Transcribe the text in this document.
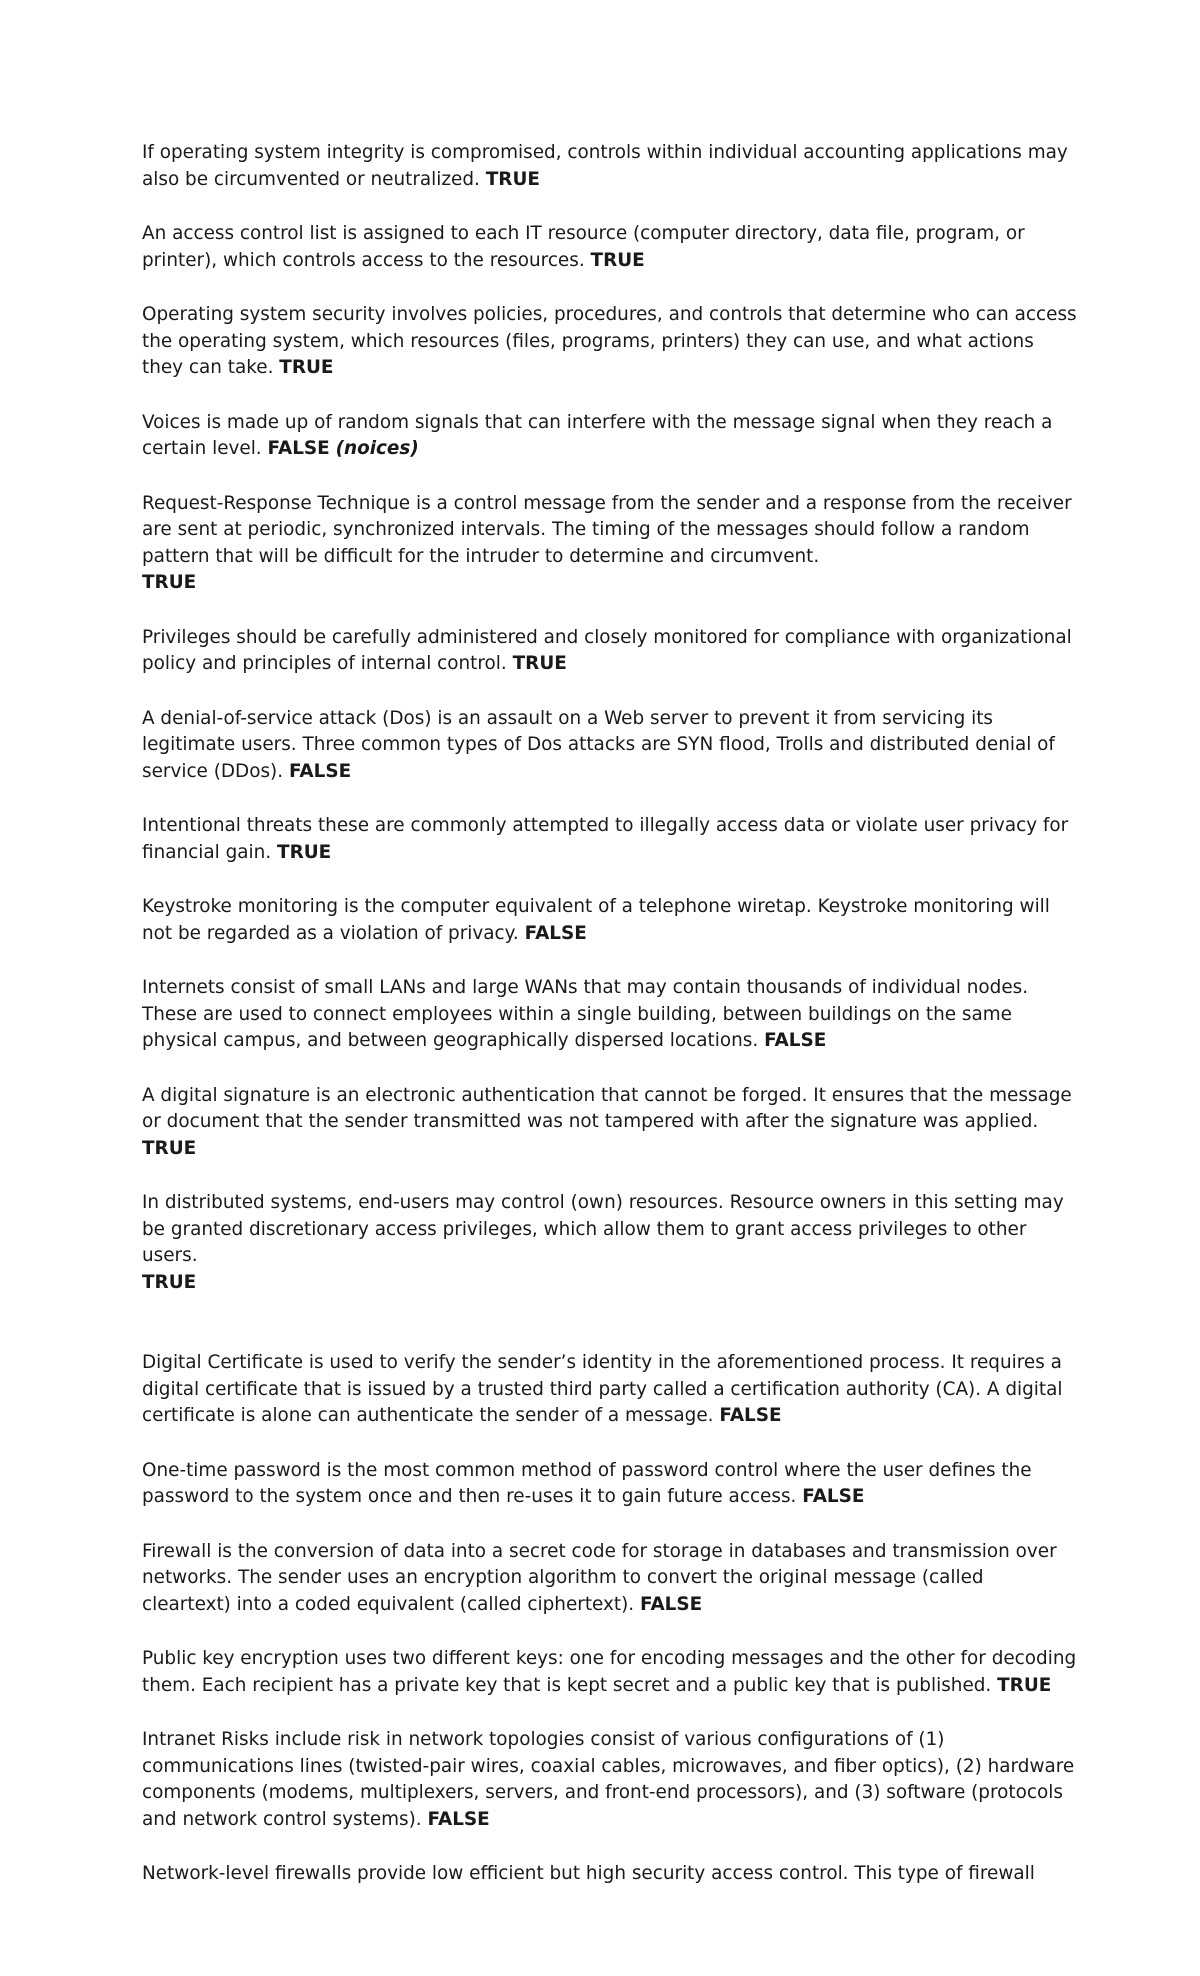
If operating system integrity is compromised, controls within individual accounting applications may also be circumvented or neutralized. TRUE

An access control list is assigned to each IT resource (computer directory, data file, program, or printer), which controls access to the resources. TRUE

Operating system security involves policies, procedures, and controls that determine who can access the operating system, which resources (files, programs, printers) they can use, and what actions they can take. TRUE

Voices is made up of random signals that can interfere with the message signal when they reach a certain level. FALSE (noices)

Request-Response Technique is a control message from the sender and a response from the receiver are sent at periodic, synchronized intervals. The timing of the messages should follow a random pattern that will be difficult for the intruder to determine and circumvent.
TRUE

Privileges should be carefully administered and closely monitored for compliance with organizational policy and principles of internal control. TRUE

A denial-of-service attack (Dos) is an assault on a Web server to prevent it from servicing its legitimate users. Three common types of Dos attacks are SYN flood, Trolls and distributed denial of service (DDos). FALSE

Intentional threats these are commonly attempted to illegally access data or violate user privacy for financial gain. TRUE

Keystroke monitoring is the computer equivalent of a telephone wiretap. Keystroke monitoring will not be regarded as a violation of privacy. FALSE

Internets consist of small LANs and large WANs that may contain thousands of individual nodes. These are used to connect employees within a single building, between buildings on the same physical campus, and between geographically dispersed locations. FALSE

A digital signature is an electronic authentication that cannot be forged. It ensures that the message or document that the sender transmitted was not tampered with after the signature was applied. TRUE

In distributed systems, end-users may control (own) resources. Resource owners in this setting may be granted discretionary access privileges, which allow them to grant access privileges to other users.
TRUE

Digital Certificate is used to verify the sender’s identity in the aforementioned process. It requires a digital certificate that is issued by a trusted third party called a certification authority (CA). A digital certificate is alone can authenticate the sender of a message. FALSE

One-time password is the most common method of password control where the user defines the password to the system once and then re-uses it to gain future access. FALSE

Firewall is the conversion of data into a secret code for storage in databases and transmission over networks. The sender uses an encryption algorithm to convert the original message (called cleartext) into a coded equivalent (called ciphertext). FALSE

Public key encryption uses two different keys: one for encoding messages and the other for decoding them. Each recipient has a private key that is kept secret and a public key that is published. TRUE

Intranet Risks include risk in network topologies consist of various configurations of (1) communications lines (twisted-pair wires, coaxial cables, microwaves, and fiber optics), (2) hardware components (modems, multiplexers, servers, and front-end processors), and (3) software (protocols and network control systems). FALSE

Network-level firewalls provide low efficient but high security access control. This type of firewall
